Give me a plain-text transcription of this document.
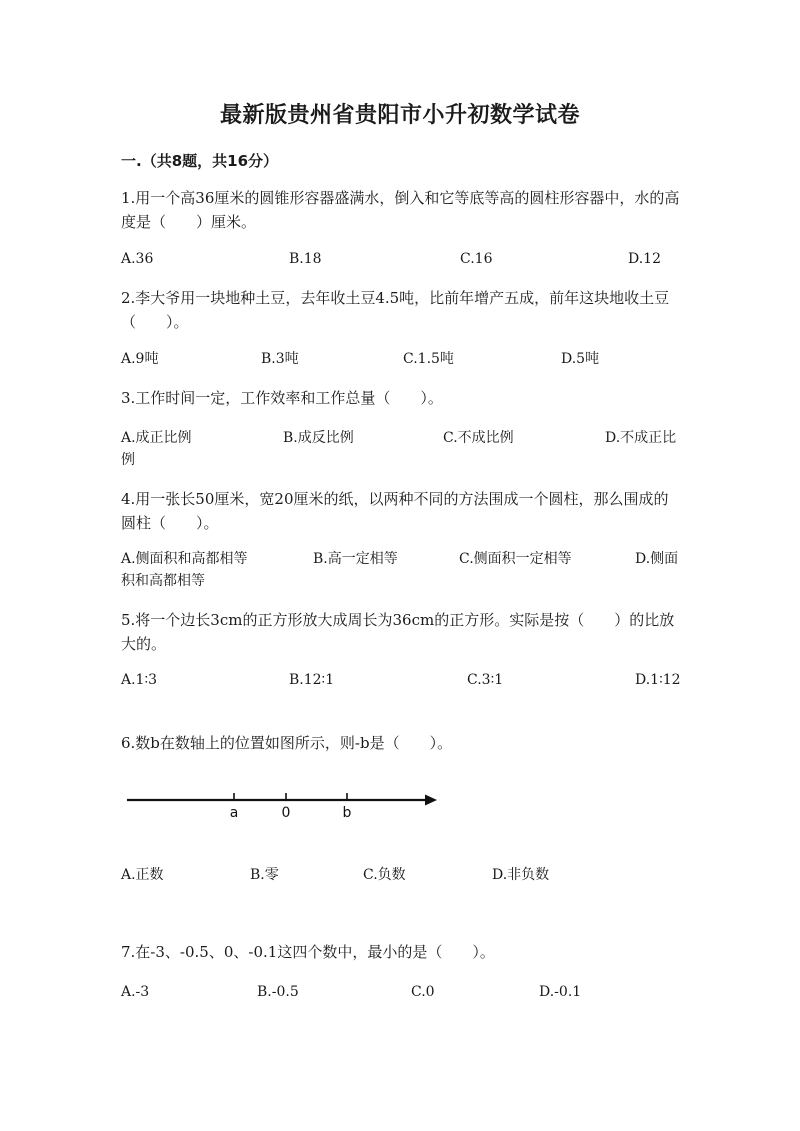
最新版贵州省贵阳市小升初数学试卷
一.（共8题，共16分）
1.用一个高36厘米的圆锥形容器盛满水，倒入和它等底等高的圆柱形容器中，水的高度是（　　）厘米。
A.36	B.18	C.16	D.12
2.李大爷用一块地种土豆，去年收土豆4.5吨，比前年增产五成，前年这块地收土豆（　　）。
A.9吨	B.3吨	C.1.5吨	D.5吨
3.工作时间一定，工作效率和工作总量（　　）。
A.成正比例	B.成反比例	C.不成比例	D.不成正比例
4.用一张长50厘米，宽20厘米的纸，以两种不同的方法围成一个圆柱，那么围成的圆柱（　　）。
A.侧面积和高都相等	B.高一定相等	C.侧面积一定相等	D.侧面积和高都相等
5.将一个边长3cm的正方形放大成周长为36cm的正方形。实际是按（　　）的比放大的。
A.1∶3	B.12∶1	C.3∶1	D.1∶12
6.数b在数轴上的位置如图所示，则-b是（　　）。
a	0	b
A.正数	B.零	C.负数	D.非负数
7.在-3、-0.5、0、-0.1这四个数中，最小的是（　　）。
A.-3	B.-0.5	C.0	D.-0.1
